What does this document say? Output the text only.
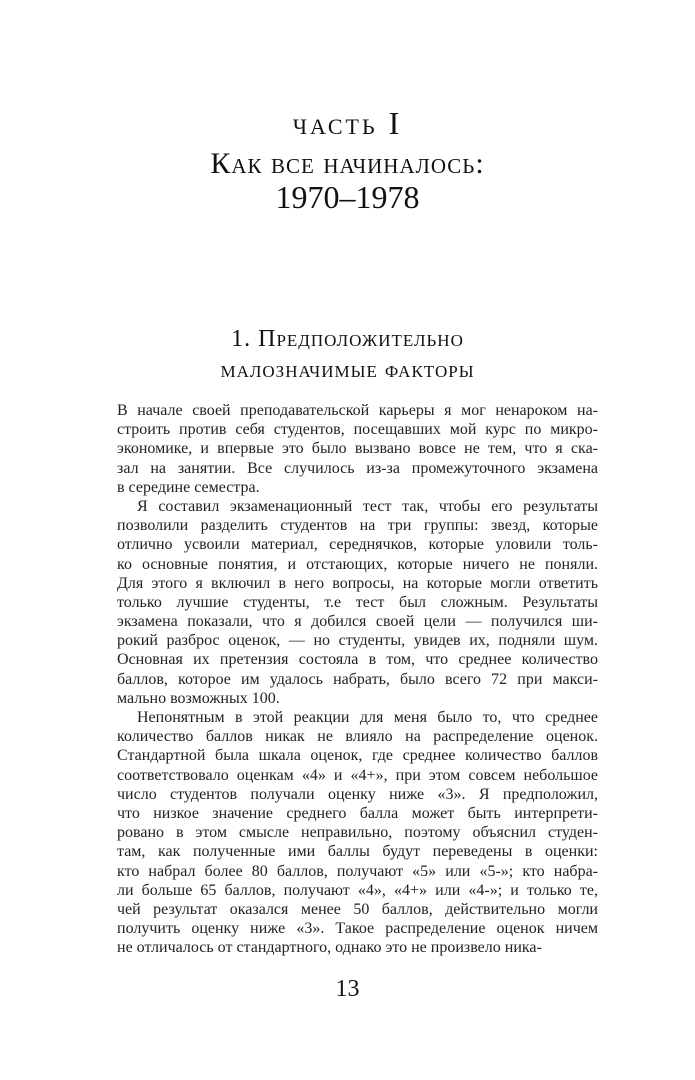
часть I
Как все начиналось:
1970–1978
1. Предположительно
малозначимые факторы
В начале своей преподавательской карьеры я мог ненароком на-
строить против себя студентов, посещавших мой курс по микро-
экономике, и впервые это было вызвано вовсе не тем, что я ска-
зал на занятии. Все случилось из-за промежуточного экзамена
в середине семестра.
Я составил экзаменационный тест так, чтобы его результаты
позволили разделить студентов на три группы: звезд, которые
отлично усвоили материал, середнячков, которые уловили толь-
ко основные понятия, и отстающих, которые ничего не поняли.
Для этого я включил в него вопросы, на которые могли ответить
только лучшие студенты, т.е тест был сложным. Результаты
экзамена показали, что я добился своей цели — получился ши-
рокий разброс оценок, — но студенты, увидев их, подняли шум.
Основная их претензия состояла в том, что среднее количество
баллов, которое им удалось набрать, было всего 72 при макси-
мально возможных 100.
Непонятным в этой реакции для меня было то, что среднее
количество баллов никак не влияло на распределение оценок.
Стандартной была шкала оценок, где среднее количество баллов
соответствовало оценкам «4» и «4+», при этом совсем небольшое
число студентов получали оценку ниже «3». Я предположил,
что низкое значение среднего балла может быть интерпрети-
ровано в этом смысле неправильно, поэтому объяснил студен-
там, как полученные ими баллы будут переведены в оценки:
кто набрал более 80 баллов, получают «5» или «5-»; кто набра-
ли больше 65 баллов, получают «4», «4+» или «4-»; и только те,
чей результат оказался менее 50 баллов, действительно могли
получить оценку ниже «3». Такое распределение оценок ничем
не отличалось от стандартного, однако это не произвело ника-
13
